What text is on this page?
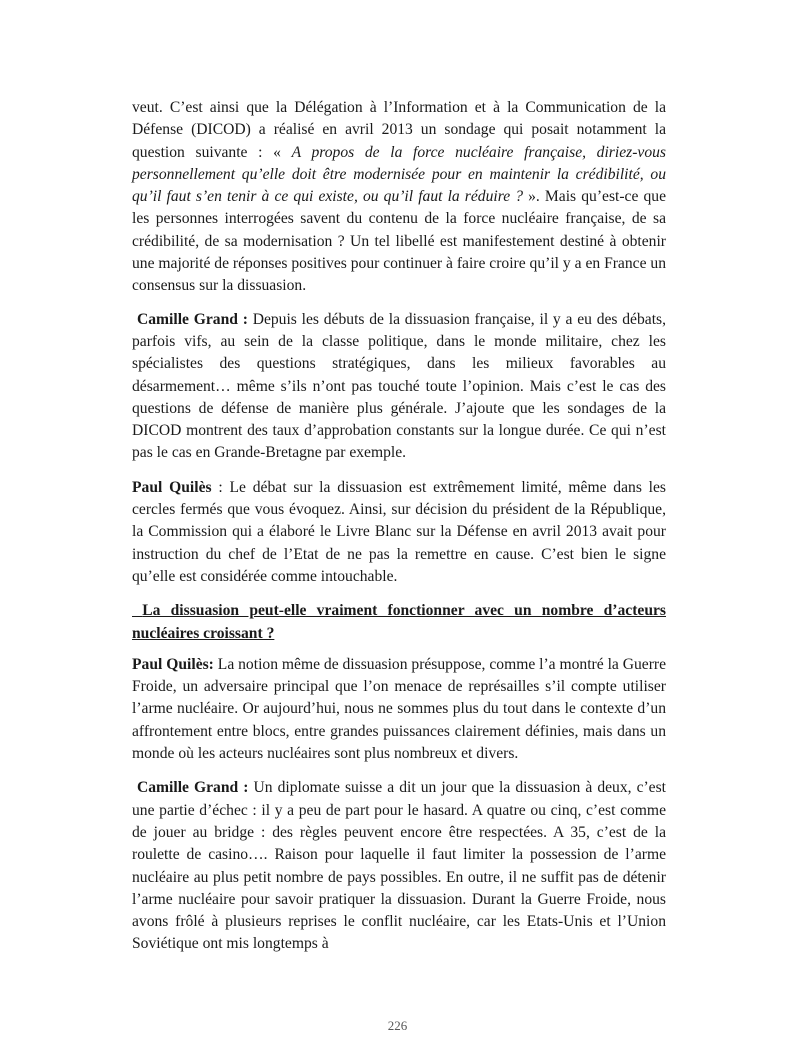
veut. C’est ainsi que la Délégation à l’Information et à la Communication de la Défense (DICOD) a réalisé en avril 2013 un sondage qui posait notamment la question suivante : « A propos de la force nucléaire française, diriez-vous personnellement qu’elle doit être modernisée pour en maintenir la crédibilité, ou qu’il faut s’en tenir à ce qui existe, ou qu’il faut la réduire ? ». Mais qu’est-ce que les personnes interrogées savent du contenu de la force nucléaire française, de sa crédibilité, de sa modernisation ? Un tel libellé est manifestement destiné à obtenir une majorité de réponses positives pour continuer à faire croire qu’il y a en France un consensus sur la dissuasion.

Camille Grand : Depuis les débuts de la dissuasion française, il y a eu des débats, parfois vifs, au sein de la classe politique, dans le monde militaire, chez les spécialistes des questions stratégiques, dans les milieux favorables au désarmement… même s’ils n’ont pas touché toute l’opinion. Mais c’est le cas des questions de défense de manière plus générale. J’ajoute que les sondages de la DICOD montrent des taux d’approbation constants sur la longue durée. Ce qui n’est pas le cas en Grande-Bretagne par exemple.

Paul Quilès : Le débat sur la dissuasion est extrêmement limité, même dans les cercles fermés que vous évoquez. Ainsi, sur décision du président de la République, la Commission qui a élaboré le Livre Blanc sur la Défense en avril 2013 avait pour instruction du chef de l’Etat de ne pas la remettre en cause. C’est bien le signe qu’elle est considérée comme intouchable.

La dissuasion peut-elle vraiment fonctionner avec un nombre d’acteurs nucléaires croissant ?

Paul Quilès: La notion même de dissuasion présuppose, comme l’a montré la Guerre Froide, un adversaire principal que l’on menace de représailles s’il compte utiliser l’arme nucléaire. Or aujourd’hui, nous ne sommes plus du tout dans le contexte d’un affrontement entre blocs, entre grandes puissances clairement définies, mais dans un monde où les acteurs nucléaires sont plus nombreux et divers.

Camille Grand : Un diplomate suisse a dit un jour que la dissuasion à deux, c’est une partie d’échec : il y a peu de part pour le hasard. A quatre ou cinq, c’est comme de jouer au bridge : des règles peuvent encore être respectées. A 35, c’est de la roulette de casino…. Raison pour laquelle il faut limiter la possession de l’arme nucléaire au plus petit nombre de pays possibles. En outre, il ne suffit pas de détenir l’arme nucléaire pour savoir pratiquer la dissuasion. Durant la Guerre Froide, nous avons frôlé à plusieurs reprises le conflit nucléaire, car les Etats-Unis et l’Union Soviétique ont mis longtemps à

226
